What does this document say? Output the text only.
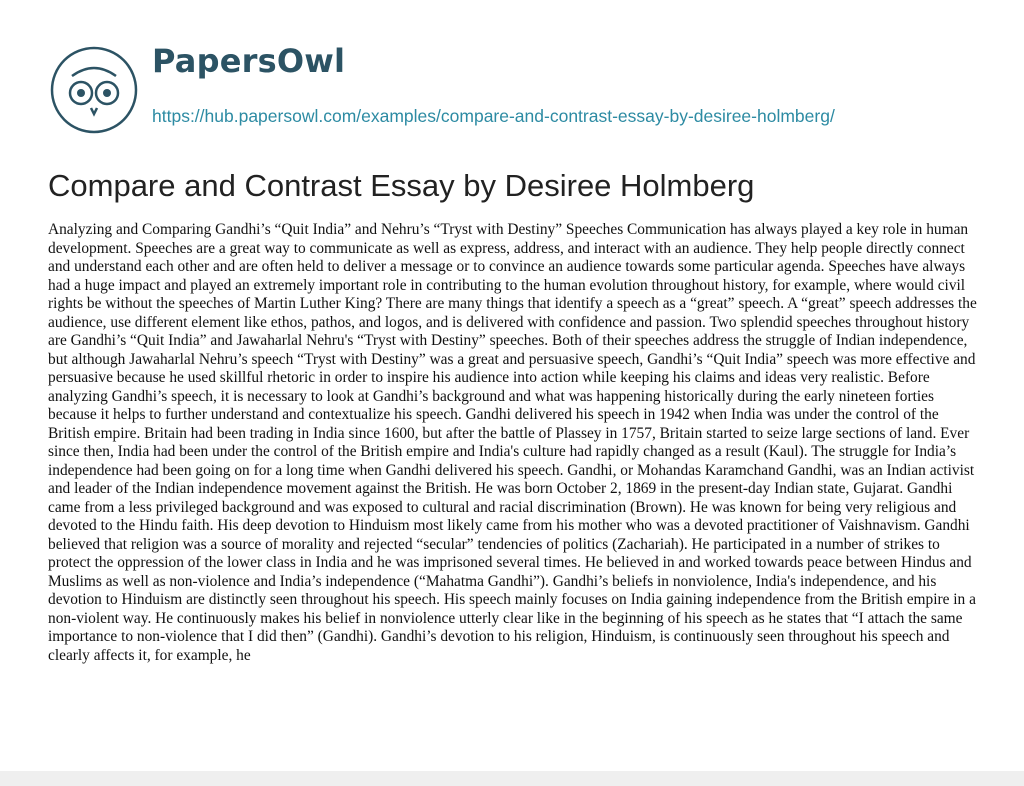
PapersOwl
https://hub.papersowl.com/examples/compare-and-contrast-essay-by-desiree-holmberg/
Compare and Contrast Essay by Desiree Holmberg

Analyzing and Comparing Gandhi’s “Quit India” and Nehru’s “Tryst with Destiny” Speeches Communication has always played a key role in human development. Speeches are a great way to communicate as well as express, address, and interact with an audience. They help people directly connect and understand each other and are often held to deliver a message or to convince an audience towards some particular agenda. Speeches have always had a huge impact and played an extremely important role in contributing to the human evolution throughout history, for example, where would civil rights be without the speeches of Martin Luther King? There are many things that identify a speech as a “great” speech. A “great” speech addresses the audience, use different element like ethos, pathos, and logos, and is delivered with confidence and passion. Two splendid speeches throughout history are Gandhi’s “Quit India” and Jawaharlal Nehru's “Tryst with Destiny” speeches. Both of their speeches address the struggle of Indian independence, but although Jawaharlal Nehru’s speech “Tryst with Destiny” was a great and persuasive speech, Gandhi’s “Quit India” speech was more effective and persuasive because he used skillful rhetoric in order to inspire his audience into action while keeping his claims and ideas very realistic. Before analyzing Gandhi’s speech, it is necessary to look at Gandhi’s background and what was happening historically during the early nineteen forties because it helps to further understand and contextualize his speech. Gandhi delivered his speech in 1942 when India was under the control of the British empire. Britain had been trading in India since 1600, but after the battle of Plassey in 1757, Britain started to seize large sections of land. Ever since then, India had been under the control of the British empire and India's culture had rapidly changed as a result (Kaul). The struggle for India’s independence had been going on for a long time when Gandhi delivered his speech. Gandhi, or Mohandas Karamchand Gandhi, was an Indian activist and leader of the Indian independence movement against the British. He was born October 2, 1869 in the present-day Indian state, Gujarat. Gandhi came from a less privileged background and was exposed to cultural and racial discrimination (Brown). He was known for being very religious and devoted to the Hindu faith. His deep devotion to Hinduism most likely came from his mother who was a devoted practitioner of Vaishnavism. Gandhi believed that religion was a source of morality and rejected “secular” tendencies of politics (Zachariah). He participated in a number of strikes to protect the oppression of the lower class in India and he was imprisoned several times. He believed in and worked towards peace between Hindus and Muslims as well as non-violence and India’s independence (“Mahatma Gandhi”). Gandhi’s beliefs in nonviolence, India's independence, and his devotion to Hinduism are distinctly seen throughout his speech. His speech mainly focuses on India gaining independence from the British empire in a non-violent way. He continuously makes his belief in nonviolence utterly clear like in the beginning of his speech as he states that “I attach the same importance to non-violence that I did then” (Gandhi). Gandhi’s devotion to his religion, Hinduism, is continuously seen throughout his speech and clearly affects it, for example, he
